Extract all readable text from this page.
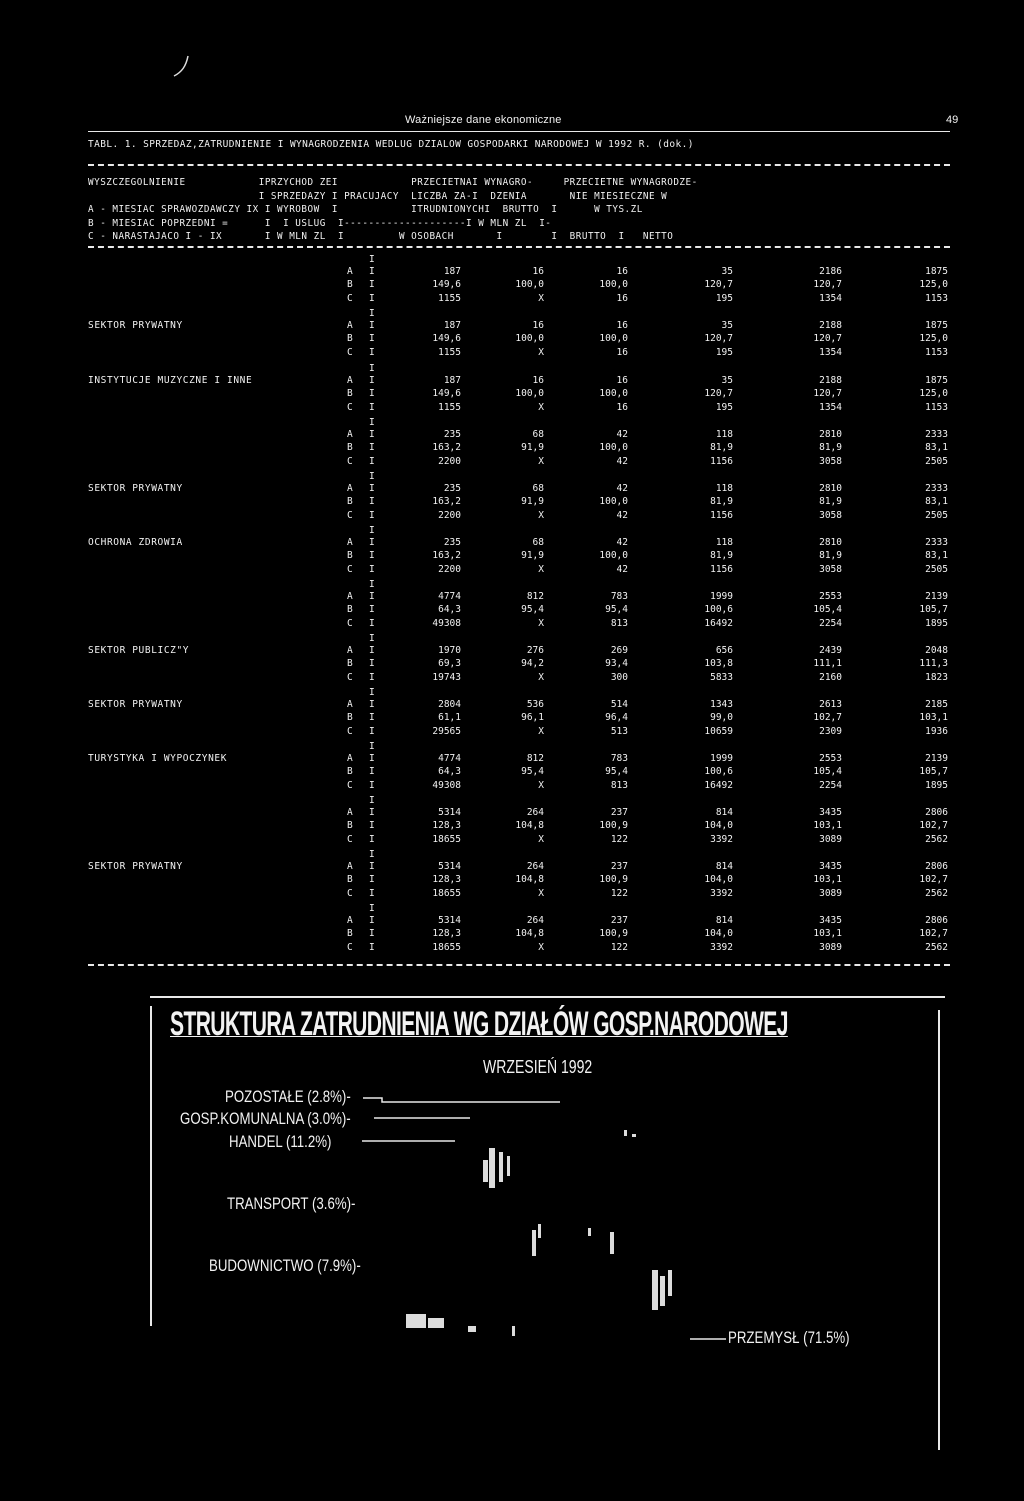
Ważniejsze dane ekonomiczne	49
TABL. 1. SPRZEDAZ,ZATRUDNIENIE I WYNAGRODZENIA WEDLUG DZIALOW GOSPODARKI NARODOWEJ W 1992 R. (dok.)
WYSZCZEGOLNIENIE            IPRZYCHOD ZEI            PRZECIETNAI WYNAGRO-     PRZECIETNE WYNAGRODZE-
I SPRZEDAZY I PRACUJACY  LICZBA ZA-I  DZENIA       NIE MIESIECZNE W
A - MIESIAC SPRAWOZDAWCZY IX I WYROBOW  I            ITRUDNIONYCHI  BRUTTO  I      W TYS.ZL
B - MIESIAC POPRZEDNI =      I  I USLUG  I--------------------I W MLN ZL  I-
C - NARASTAJACO I - IX       I W MLN ZL  I         W OSOBACH       I        I  BRUTTO  I   NETTO
I
A I	187	16	16	35	2186	1875
B I	149,6	100,0	100,0	120,7	120,7	125,0
C I	1155	X	16	195	1354	1153
I
SEKTOR PRYWATNY	A I	187	16	16	35	2188	1875
B I	149,6	100,0	100,0	120,7	120,7	125,0
C I	1155	X	16	195	1354	1153
I
INSTYTUCJE MUZYCZNE I INNE	A I	187	16	16	35	2188	1875
B I	149,6	100,0	100,0	120,7	120,7	125,0
C I	1155	X	16	195	1354	1153
I
A I	235	68	42	118	2810	2333
B I	163,2	91,9	100,0	81,9	81,9	83,1
C I	2200	X	42	1156	3058	2505
I
SEKTOR PRYWATNY	A I	235	68	42	118	2810	2333
B I	163,2	91,9	100,0	81,9	81,9	83,1
C I	2200	X	42	1156	3058	2505
I
OCHRONA ZDROWIA	A I	235	68	42	118	2810	2333
B I	163,2	91,9	100,0	81,9	81,9	83,1
C I	2200	X	42	1156	3058	2505
I
A I	4774	812	783	1999	2553	2139
B I	64,3	95,4	95,4	100,6	105,4	105,7
C I	49308	X	813	16492	2254	1895
I
SEKTOR PUBLICZ"Y	A I	1970	276	269	656	2439	2048
B I	69,3	94,2	93,4	103,8	111,1	111,3
C I	19743	X	300	5833	2160	1823
I
SEKTOR PRYWATNY	A I	2804	536	514	1343	2613	2185
B I	61,1	96,1	96,4	99,0	102,7	103,1
C I	29565	X	513	10659	2309	1936
I
TURYSTYKA I WYPOCZYNEK	A I	4774	812	783	1999	2553	2139
B I	64,3	95,4	95,4	100,6	105,4	105,7
C I	49308	X	813	16492	2254	1895
I
A I	5314	264	237	814	3435	2806
B I	128,3	104,8	100,9	104,0	103,1	102,7
C I	18655	X	122	3392	3089	2562
I
SEKTOR PRYWATNY	A I	5314	264	237	814	3435	2806
B I	128,3	104,8	100,9	104,0	103,1	102,7
C I	18655	X	122	3392	3089	2562
I
A I	5314	264	237	814	3435	2806
B I	128,3	104,8	100,9	104,0	103,1	102,7
C I	18655	X	122	3392	3089	2562
STRUKTURA ZATRUDNIENIA WG DZIAŁÓW GOSP.NARODOWEJ
WRZESIEŃ 1992
POZOSTAŁE (2.8%)-
GOSP.KOMUNALNA (3.0%)-
HANDEL (11.2%)
TRANSPORT (3.6%)-
BUDOWNICTWO (7.9%)-
PRZEMYSŁ (71.5%)
